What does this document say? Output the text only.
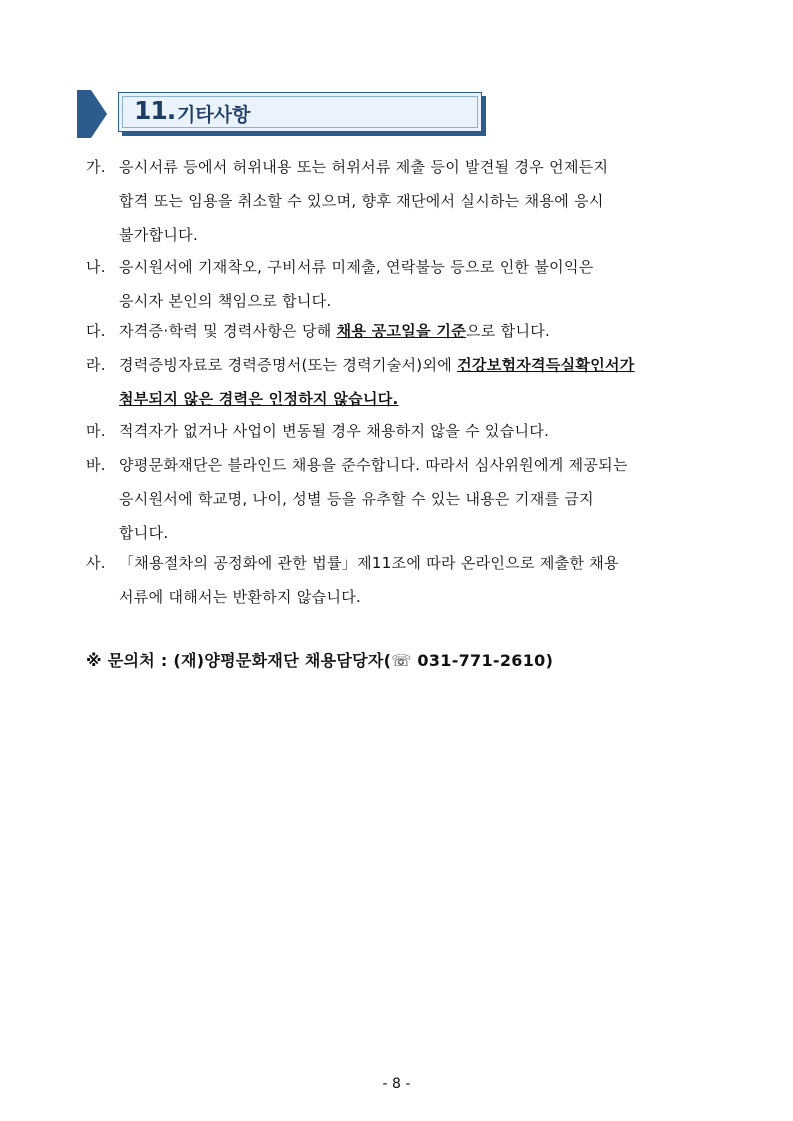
11. 기타사항
가. 응시서류 등에서 허위내용 또는 허위서류 제출 등이 발견될 경우 언제든지
합격 또는 임용을 취소할 수 있으며, 향후 재단에서 실시하는 채용에 응시
불가합니다.
나. 응시원서에 기재착오, 구비서류 미제출, 연락불능 등으로 인한 불이익은
응시자 본인의 책임으로 합니다.
다. 자격증·학력 및 경력사항은 당해 채용 공고일을 기준으로 합니다.
라. 경력증빙자료로 경력증명서(또는 경력기술서)외에 건강보험자격득실확인서가
첨부되지 않은 경력은 인정하지 않습니다.
마. 적격자가 없거나 사업이 변동될 경우 채용하지 않을 수 있습니다.
바. 양평문화재단은 블라인드 채용을 준수합니다. 따라서 심사위원에게 제공되는
응시원서에 학교명, 나이, 성별 등을 유추할 수 있는 내용은 기재를 금지
합니다.
사. 「채용절차의 공정화에 관한 법률」제11조에 따라 온라인으로 제출한 채용
서류에 대해서는 반환하지 않습니다.
※ 문의처 : (재)양평문화재단 채용담당자(☏ 031-771-2610)
- 8 -
